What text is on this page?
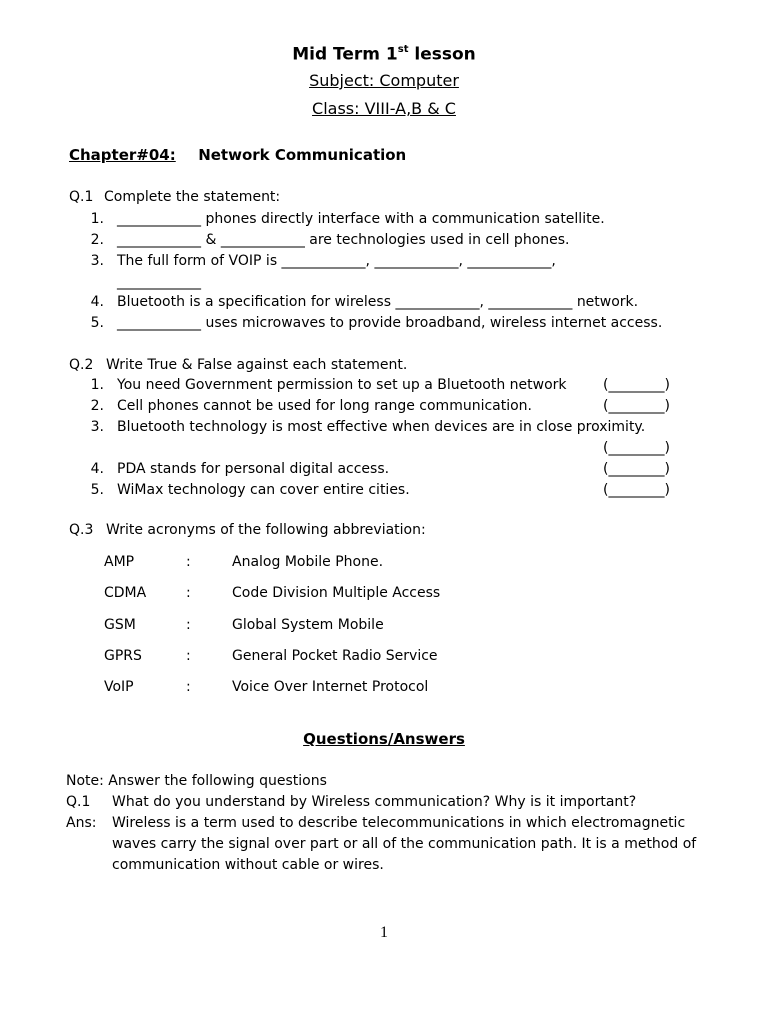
Mid Term 1st lesson
Subject: Computer
Class: VIII-A,B & C
Chapter#04: Network Communication
Q.1 Complete the statement:
1. ____________ phones directly interface with a communication satellite.
2. ____________ & ____________ are technologies used in cell phones.
3. The full form of VOIP is ____________, ____________, ____________,
____________
4. Bluetooth is a specification for wireless ____________, ____________ network.
5. ____________ uses microwaves to provide broadband, wireless internet access.
Q.2 Write True & False against each statement.
1. You need Government permission to set up a Bluetooth network	(________)
2. Cell phones cannot be used for long range communication.	(________)
3. Bluetooth technology is most effective when devices are in close proximity.
(________)
4. PDA stands for personal digital access.	(________)
5. WiMax technology can cover entire cities.	(________)
Q.3 Write acronyms of the following abbreviation:
AMP	:	Analog Mobile Phone.
CDMA	:	Code Division Multiple Access
GSM	:	Global System Mobile
GPRS	:	General Pocket Radio Service
VoIP	:	Voice Over Internet Protocol
Questions/Answers
Note: Answer the following questions
Q.1 What do you understand by Wireless communication? Why is it important?
Ans: Wireless is a term used to describe telecommunications in which electromagnetic
waves carry the signal over part or all of the communication path. It is a method of
communication without cable or wires.
1
